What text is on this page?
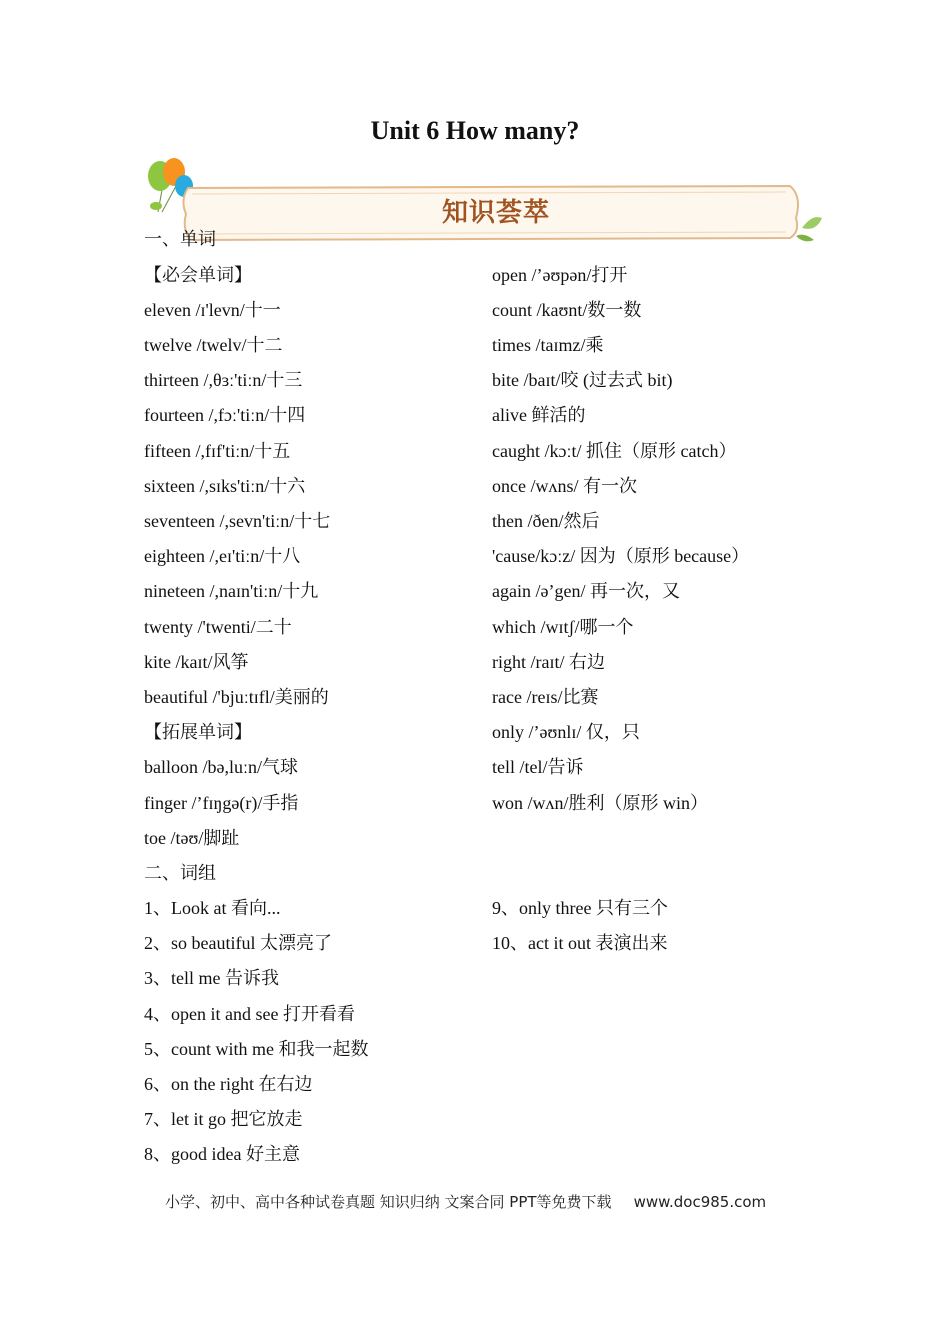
Unit 6 How many?
知识荟萃
一、单词
【必会单词】
eleven /ɪ'levn/十一
twelve /twelv/十二
thirteen /,θɜː'tiːn/十三
fourteen /,fɔː'tiːn/十四
fifteen /,fɪf'tiːn/十五
sixteen /,sɪks'tiːn/十六
seventeen /,sevn'tiːn/十七
eighteen /,eɪ'tiːn/十八
nineteen /,naɪn'tiːn/十九
twenty /'twenti/二十
kite /kaɪt/风筝
beautiful /'bjuːtɪfl/美丽的
【拓展单词】
balloon /bə,luːn/气球
finger /’fɪŋgə(r)/手指
toe /təʊ/脚趾
open /’əʊpən/打开
count /kaʊnt/数一数
times /taɪmz/乘
bite /baɪt/咬 (过去式 bit)
alive 鲜活的
caught /kɔːt/ 抓住（原形 catch）
once /wʌns/ 有一次
then /ðen/然后
'cause/kɔːz/ 因为（原形 because）
again /ə’gen/ 再一次，又
which /wɪtʃ/哪一个
right /raɪt/ 右边
race /reɪs/比赛
only /’əʊnlɪ/ 仅，只
tell /tel/告诉
won /wʌn/胜利（原形 win）
二、词组
1、Look at 看向...
2、so beautiful 太漂亮了
3、tell me 告诉我
4、open it and see 打开看看
5、count with me 和我一起数
6、on the right 在右边
7、let it go 把它放走
8、good idea 好主意
9、only three 只有三个
10、act it out 表演出来
小学、初中、高中各种试卷真题 知识归纳 文案合同 PPT等免费下载 www.doc985.com
